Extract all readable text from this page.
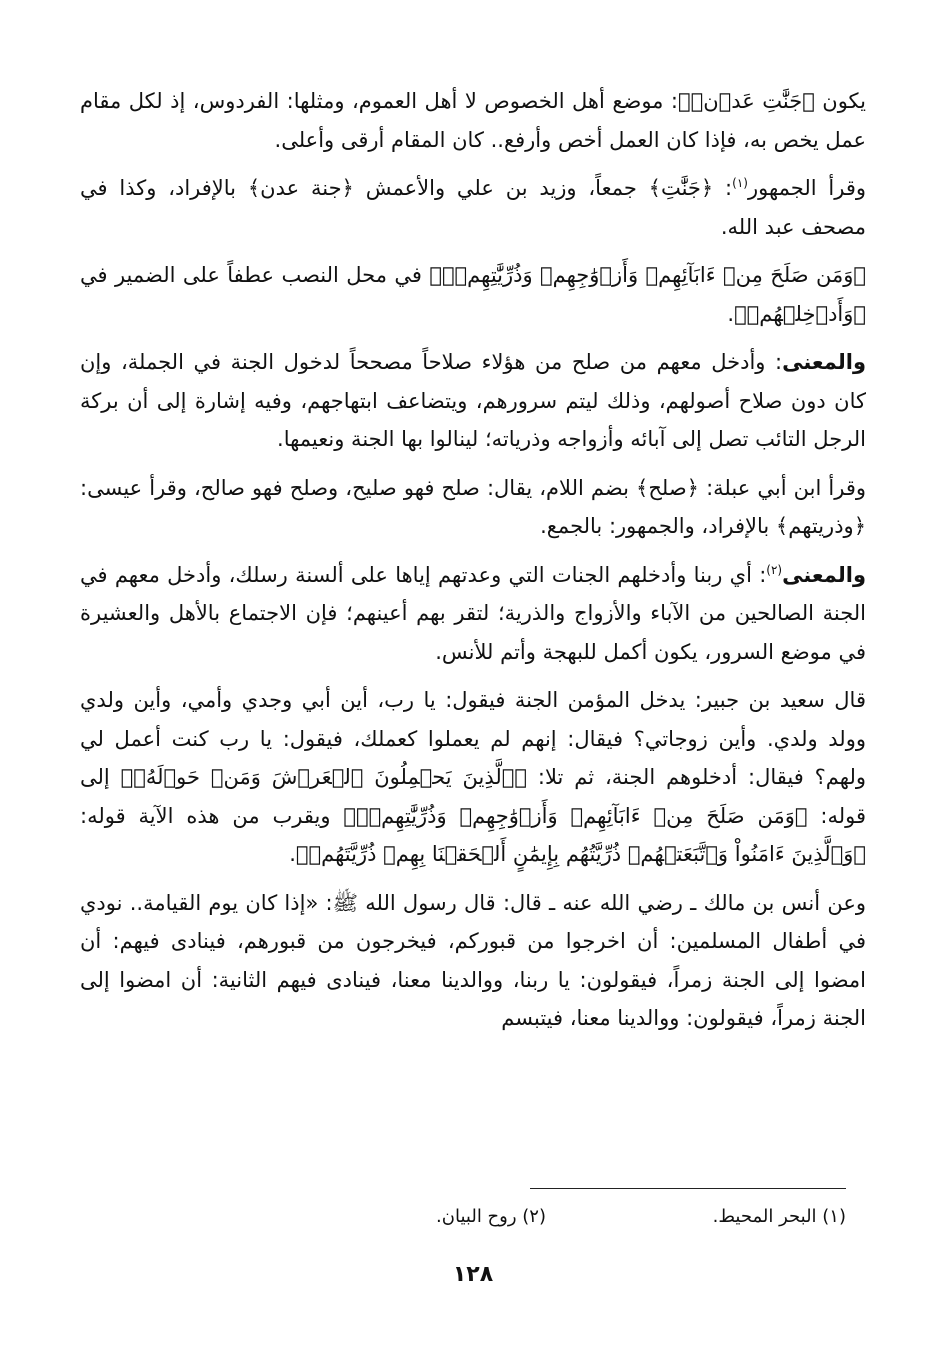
يكون ﴿جَنَّٰتِ عَدۡنٖ﴾: موضع أهل الخصوص لا أهل العموم، ومثلها: الفردوس، إذ لكل مقام عمل يخص به، فإذا كان العمل أخص وأرفع.. كان المقام أرقى وأعلى.

وقرأ الجمهور$^{(١)}$: ﴿جَنَّٰتِ﴾ جمعاً، وزيد بن علي والأعمش ﴿جنة عدن﴾ بالإفراد، وكذا في مصحف عبد الله.

﴿وَمَن صَلَحَ مِنۡ ءَابَآئِهِمۡ وَأَزۡوَٰجِهِمۡ وَذُرِّيَّٰتِهِمۡۚ﴾ في محل النصب عطفاً على الضمير في ﴿وَأَدۡخِلۡهُمۡ﴾.

والمعنى: وأدخل معهم من صلح من هؤلاء صلاحاً مصححاً لدخول الجنة في الجملة، وإن كان دون صلاح أصولهم، وذلك ليتم سرورهم، ويتضاعف ابتهاجهم، وفيه إشارة إلى أن بركة الرجل التائب تصل إلى آبائه وأزواجه وذرياته؛ لينالوا بها الجنة ونعيمها.

وقرأ ابن أبي عبلة: ﴿صلح﴾ بضم اللام، يقال: صلح فهو صليح، وصلح فهو صالح، وقرأ عيسى: ﴿وذريتهم﴾ بالإفراد، والجمهور: بالجمع.

والمعنى$^{(٢)}$: أي ربنا وأدخلهم الجنات التي وعدتهم إياها على ألسنة رسلك، وأدخل معهم في الجنة الصالحين من الآباء والأزواج والذرية؛ لتقر بهم أعينهم؛ فإن الاجتماع بالأهل والعشيرة في موضع السرور، يكون أكمل للبهجة وأتم للأنس.

قال سعيد بن جبير: يدخل المؤمن الجنة فيقول: يا رب، أين أبي وجدي وأمي، وأين ولدي وولد ولدي. وأين زوجاتي؟ فيقال: إنهم لم يعملوا كعملك، فيقول: يا رب كنت أعمل لي ولهم؟ فيقال: أدخلوهم الجنة، ثم تلا: ﴿ٱلَّذِينَ يَحۡمِلُونَ ٱلۡعَرۡشَ وَمَنۡ حَوۡلَهُۥ﴾ إلى قوله: ﴿وَمَن صَلَحَ مِنۡ ءَابَآئِهِمۡ وَأَزۡوَٰجِهِمۡ وَذُرِّيَّٰتِهِمۡۚ﴾ ويقرب من هذه الآية قوله: ﴿وَٱلَّذِينَ ءَامَنُواْ وَٱتَّبَعَتۡهُمۡ ذُرِّيَّتُهُم بِإِيمَٰنٍ أَلۡحَقۡنَا بِهِمۡ ذُرِّيَّتَهُمۡ﴾.

وعن أنس بن مالك ـ رضي الله عنه ـ قال: قال رسول الله ﷺ: «إذا كان يوم القيامة.. نودي في أطفال المسلمين: أن اخرجوا من قبوركم، فيخرجون من قبورهم، فينادى فيهم: أن امضوا إلى الجنة زمراً، فيقولون: يا ربنا، ووالدينا معنا، فينادى فيهم الثانية: أن امضوا إلى الجنة زمراً، فيقولون: ووالدينا معنا، فيتبسم

(١) البحر المحيط.
(٢) روح البيان.
١٢٨
